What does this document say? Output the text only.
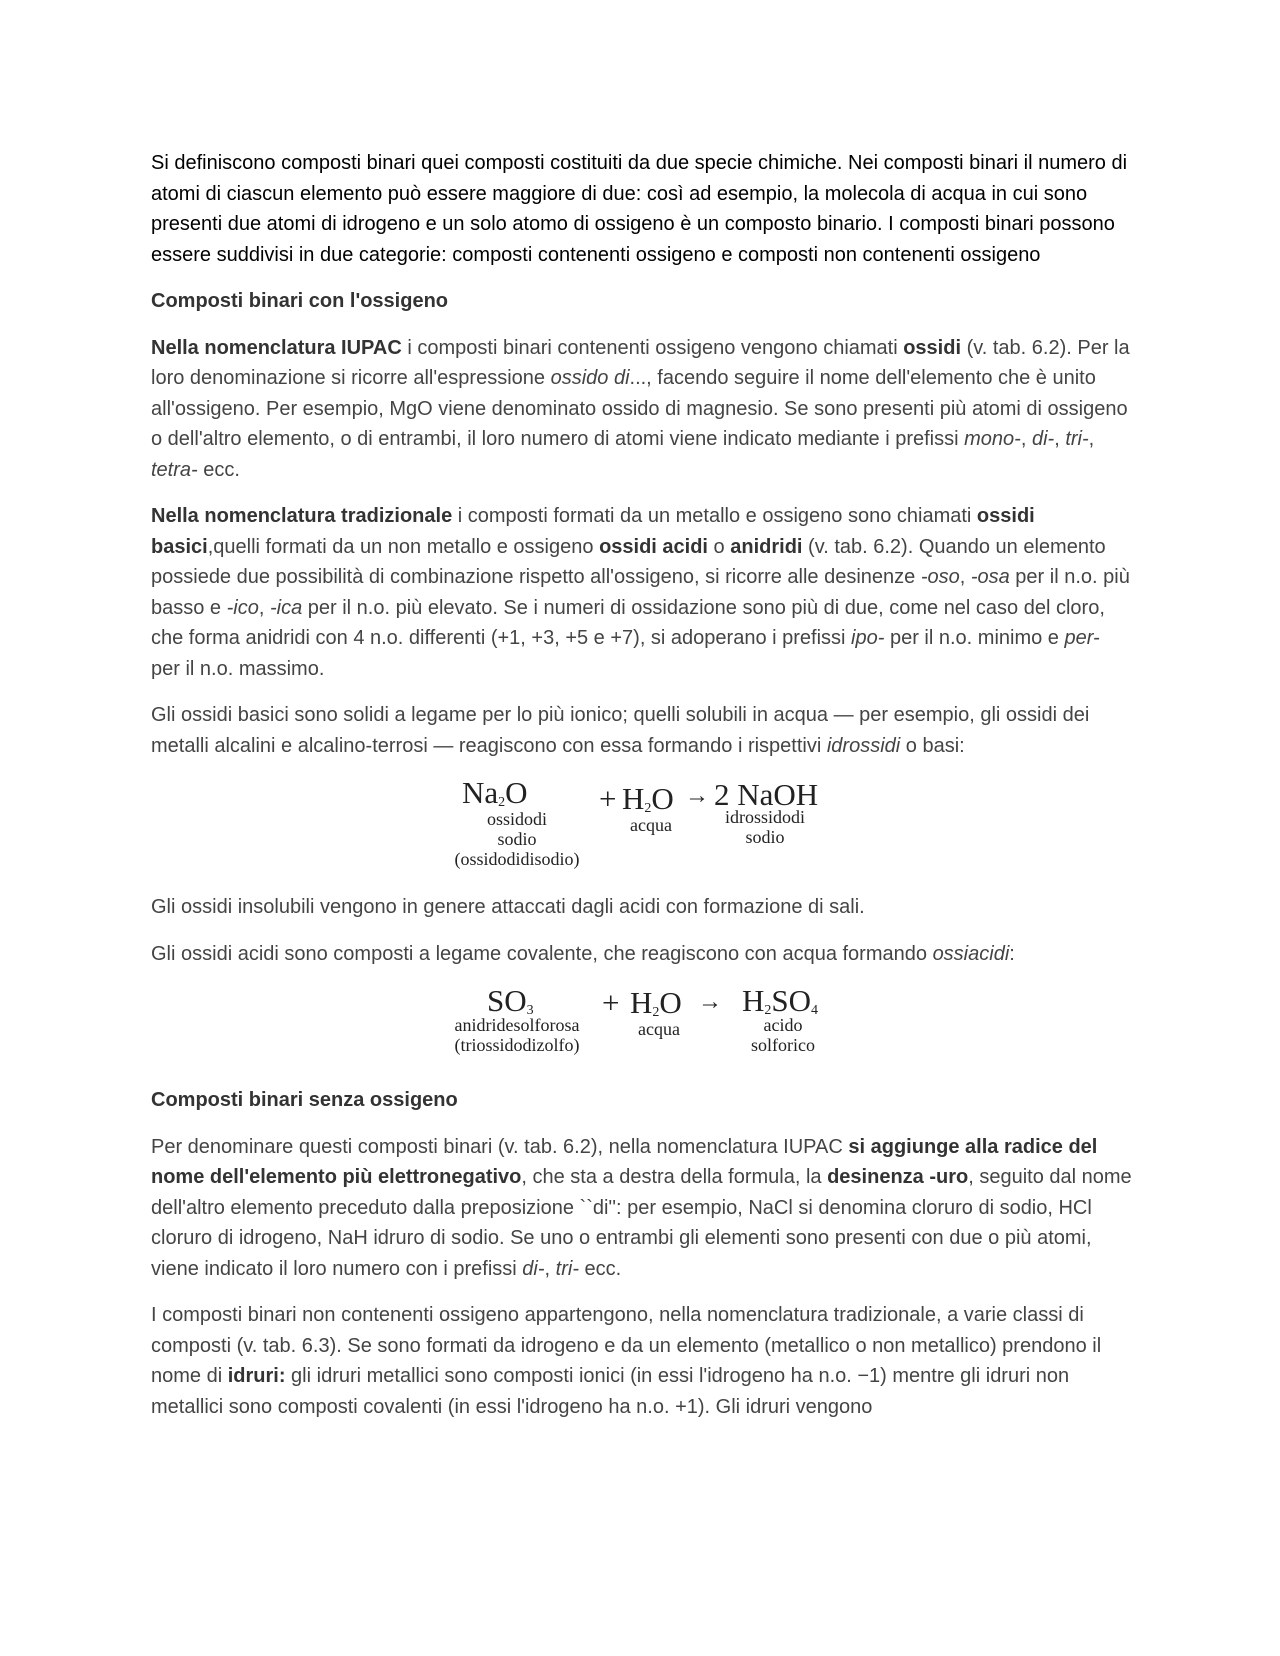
Si definiscono composti binari quei composti costituiti da due specie chimiche. Nei composti binari il numero di atomi di ciascun elemento può essere maggiore di due: così ad esempio, la molecola di acqua in cui sono presenti due atomi di idrogeno e un solo atomo di ossigeno è un composto binario. I composti binari possono essere suddivisi in due categorie: composti contenenti ossigeno e composti non contenenti ossigeno

Composti binari con l'ossigeno

Nella nomenclatura IUPAC i composti binari contenenti ossigeno vengono chiamati ossidi (v. tab. 6.2). Per la loro denominazione si ricorre all'espressione ossido di..., facendo seguire il nome dell'elemento che è unito all'ossigeno. Per esempio, MgO viene denominato ossido di magnesio. Se sono presenti più atomi di ossigeno o dell'altro elemento, o di entrambi, il loro numero di atomi viene indicato mediante i prefissi mono-, di-, tri-, tetra- ecc.

Nella nomenclatura tradizionale i composti formati da un metallo e ossigeno sono chiamati ossidi basici,quelli formati da un non metallo e ossigeno ossidi acidi o anidridi (v. tab. 6.2). Quando un elemento possiede due possibilità di combinazione rispetto all'ossigeno, si ricorre alle desinenze -oso, -osa per il n.o. più basso e -ico, -ica per il n.o. più elevato. Se i numeri di ossidazione sono più di due, come nel caso del cloro, che forma anidridi con 4 n.o. differenti (+1, +3, +5 e +7), si adoperano i prefissi ipo- per il n.o. minimo e per- per il n.o. massimo.

Gli ossidi basici sono solidi a legame per lo più ionico; quelli solubili in acqua — per esempio, gli ossidi dei metalli alcalini e alcalino-terrosi — reagiscono con essa formando i rispettivi idrossidi o basi:

$Na_2O$
ossidodi
sodio
(ossidodidisodio)
+ $H_2O$
acqua
→ 2 NaOH
idrossidodi
sodio

Gli ossidi insolubili vengono in genere attaccati dagli acidi con formazione di sali.

Gli ossidi acidi sono composti a legame covalente, che reagiscono con acqua formando ossiacidi:

$SO_3$
anidridesolforosa
(triossidodizolfo)
+ $H_2O$
acqua
→ $H_2SO_4$
acido
solforico

Composti binari senza ossigeno

Per denominare questi composti binari (v. tab. 6.2), nella nomenclatura IUPAC si aggiunge alla radice del nome dell'elemento più elettronegativo, che sta a destra della formula, la desinenza -uro, seguito dal nome dell'altro elemento preceduto dalla preposizione ``di'': per esempio, NaCl si denomina cloruro di sodio, HCl cloruro di idrogeno, NaH idruro di sodio. Se uno o entrambi gli elementi sono presenti con due o più atomi, viene indicato il loro numero con i prefissi di-, tri- ecc.

I composti binari non contenenti ossigeno appartengono, nella nomenclatura tradizionale, a varie classi di composti (v. tab. 6.3). Se sono formati da idrogeno e da un elemento (metallico o non metallico) prendono il nome di idruri: gli idruri metallici sono composti ionici (in essi l'idrogeno ha n.o. −1) mentre gli idruri non metallici sono composti covalenti (in essi l'idrogeno ha n.o. +1). Gli idruri vengono
